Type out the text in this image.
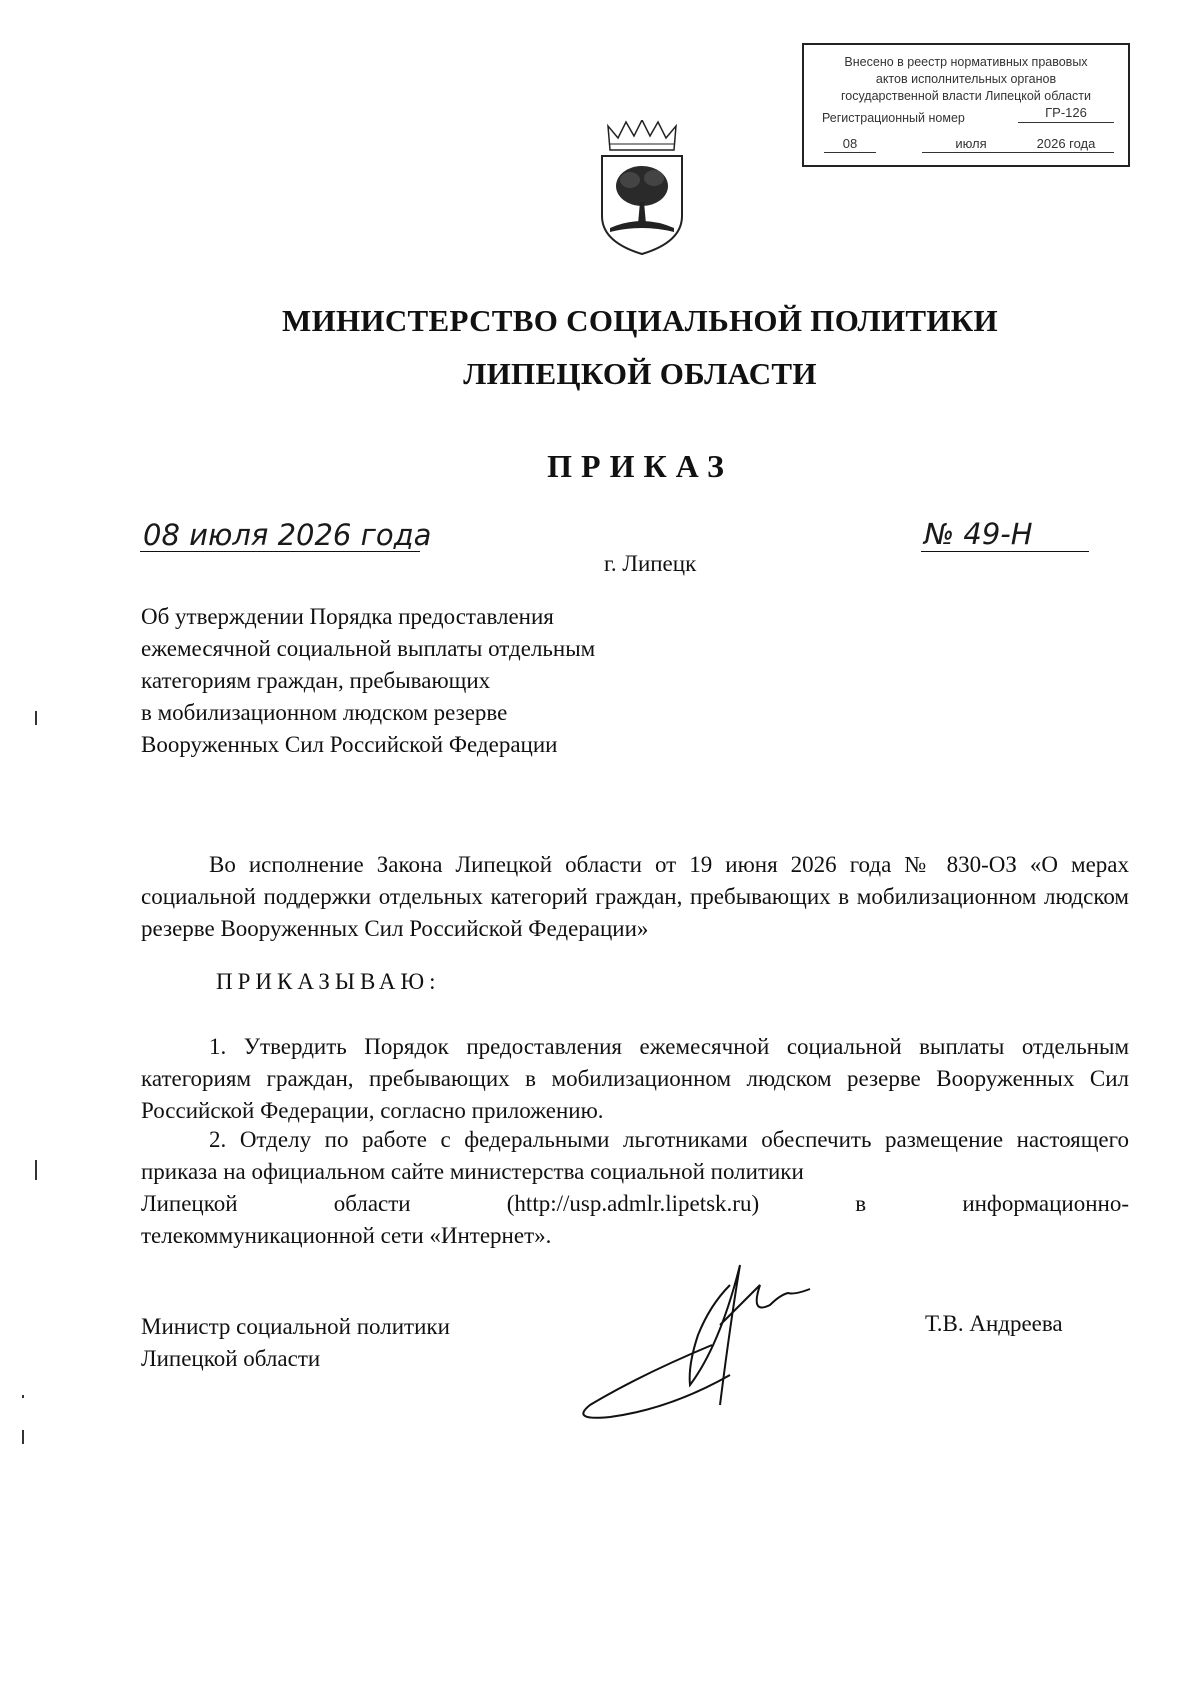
Внесено в реестр нормативных правовых
актов исполнительных органов
государственной власти Липецкой области
Регистрационный номер	ГР-126
08	июля	2026 года
МИНИСТЕРСТВО СОЦИАЛЬНОЙ ПОЛИТИКИ
ЛИПЕЦКОЙ ОБЛАСТИ
ПРИКАЗ
08 июля 2026 года	№ 49-Н
г. Липецк
Об утверждении Порядка предоставления
ежемесячной социальной выплаты отдельным
категориям граждан, пребывающих
в мобилизационном людском резерве
Вооруженных Сил Российской Федерации
Во исполнение Закона Липецкой области от 19 июня 2026 года № 830-ОЗ «О мерах социальной поддержки отдельных категорий граждан, пребывающих в мобилизационном людском резерве Вооруженных Сил Российской Федерации»
ПРИКАЗЫВАЮ:
1. Утвердить Порядок предоставления ежемесячной социальной выплаты отдельным категориям граждан, пребывающих в мобилизационном людском резерве Вооруженных Сил Российской Федерации, согласно приложению.
2. Отделу по работе с федеральными льготниками обеспечить размещение настоящего приказа на официальном сайте министерства социальной политики
Липецкой области (http://usp.admlr.lipetsk.ru) в информационно-
телекоммуникационной сети «Интернет».
Министр социальной политики
Липецкой области
Т.В. Андреева
